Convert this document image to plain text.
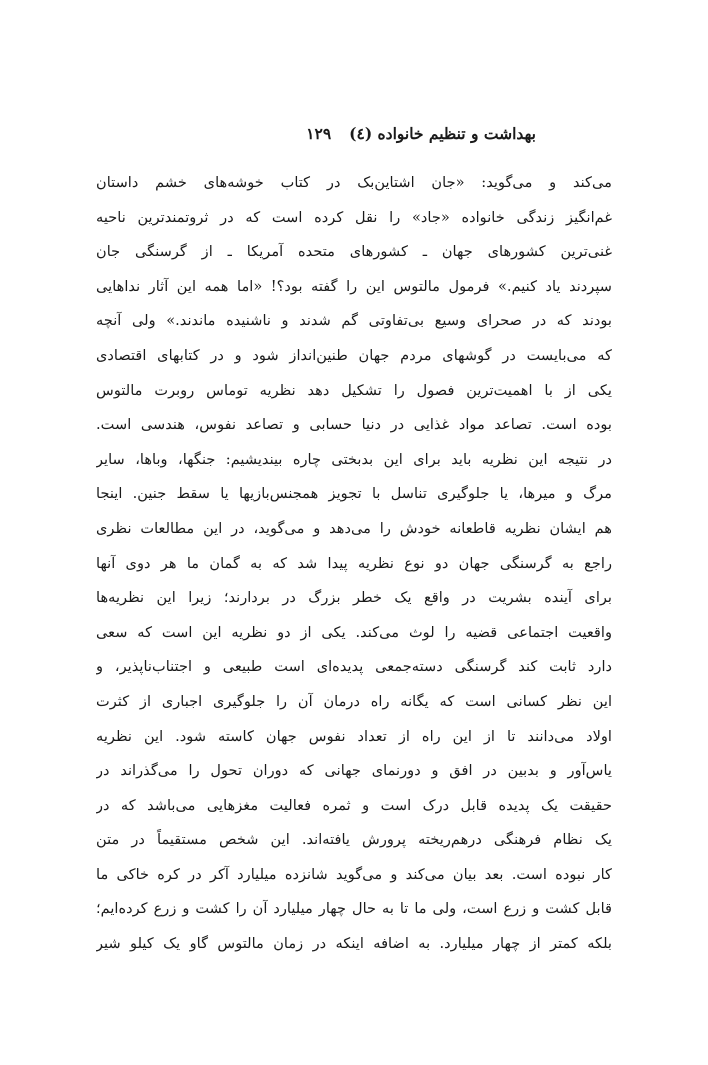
بهداشت و تنظیم خانواده (٤)
۱۲۹
می‌کند و می‌گوید: «جان اشتاین‌بک در کتاب خوشه‌های خشم داستان
غم‌انگیز زندگی خانواده «جاد» را نقل کرده است که در ثروتمندترین ناحیه
غنی‌ترین کشورهای جهان ـ کشورهای متحده آمریکا ـ از گرسنگی جان
سپردند یاد کنیم.» فرمول مالتوس این را گفته بود؟! «اما همه این آثار نداهایی
بودند که در صحرای وسیع بی‌تفاوتی گم شدند و ناشنیده ماندند.» ولی آنچه
که می‌بایست در گوشهای مردم جهان طنین‌انداز شود و در کتابهای اقتصادی
یکی از با اهمیت‌ترین فصول را تشکیل دهد نظریه توماس روبرت مالتوس
بوده است. تصاعد مواد غذایی در دنیا حسابی و تصاعد نفوس، هندسی است.
در نتیجه این نظریه باید برای این بدبختی چاره بیندیشیم: جنگها، وباها، سایر
مرگ و میرها، یا جلوگیری تناسل با تجویز همجنس‌بازیها یا سقط جنین. اینجا
هم ایشان نظریه قاطعانه خودش را می‌دهد و می‌گوید، در این مطالعات نظری
راجع به گرسنگی جهان دو نوع نظریه پیدا شد که به گمان ما هر دوی آنها
برای آینده بشریت در واقع یک خطر بزرگ در بردارند؛ زیرا این نظریه‌ها
واقعیت اجتماعی قضیه را لوث می‌کند. یکی از دو نظریه این است که سعی
دارد ثابت کند گرسنگی دسته‌جمعی پدیده‌ای است طبیعی و اجتناب‌ناپذیر، و
این نظر کسانی است که یگانه راه درمان آن را جلوگیری اجباری از کثرت
اولاد می‌دانند تا از این راه از تعداد نفوس جهان کاسته شود. این نظریه
یاس‌آور و بدبین در افق و دورنمای جهانی که دوران تحول را می‌گذراند در
حقیقت یک پدیده قابل درک است و ثمره فعالیت مغزهایی می‌باشد که در
یک نظام فرهنگی درهم‌ریخته پرورش یافته‌اند. این شخص مستقیماً در متن
کار نبوده است. بعد بیان می‌کند و می‌گوید شانزده میلیارد آکر در کره خاکی ما
قابل کشت و زرع است، ولی ما تا به حال چهار میلیارد آن را کشت و زرع کرده‌ایم؛
بلکه کمتر از چهار میلیارد. به اضافه اینکه در زمان مالتوس گاو یک کیلو شیر
